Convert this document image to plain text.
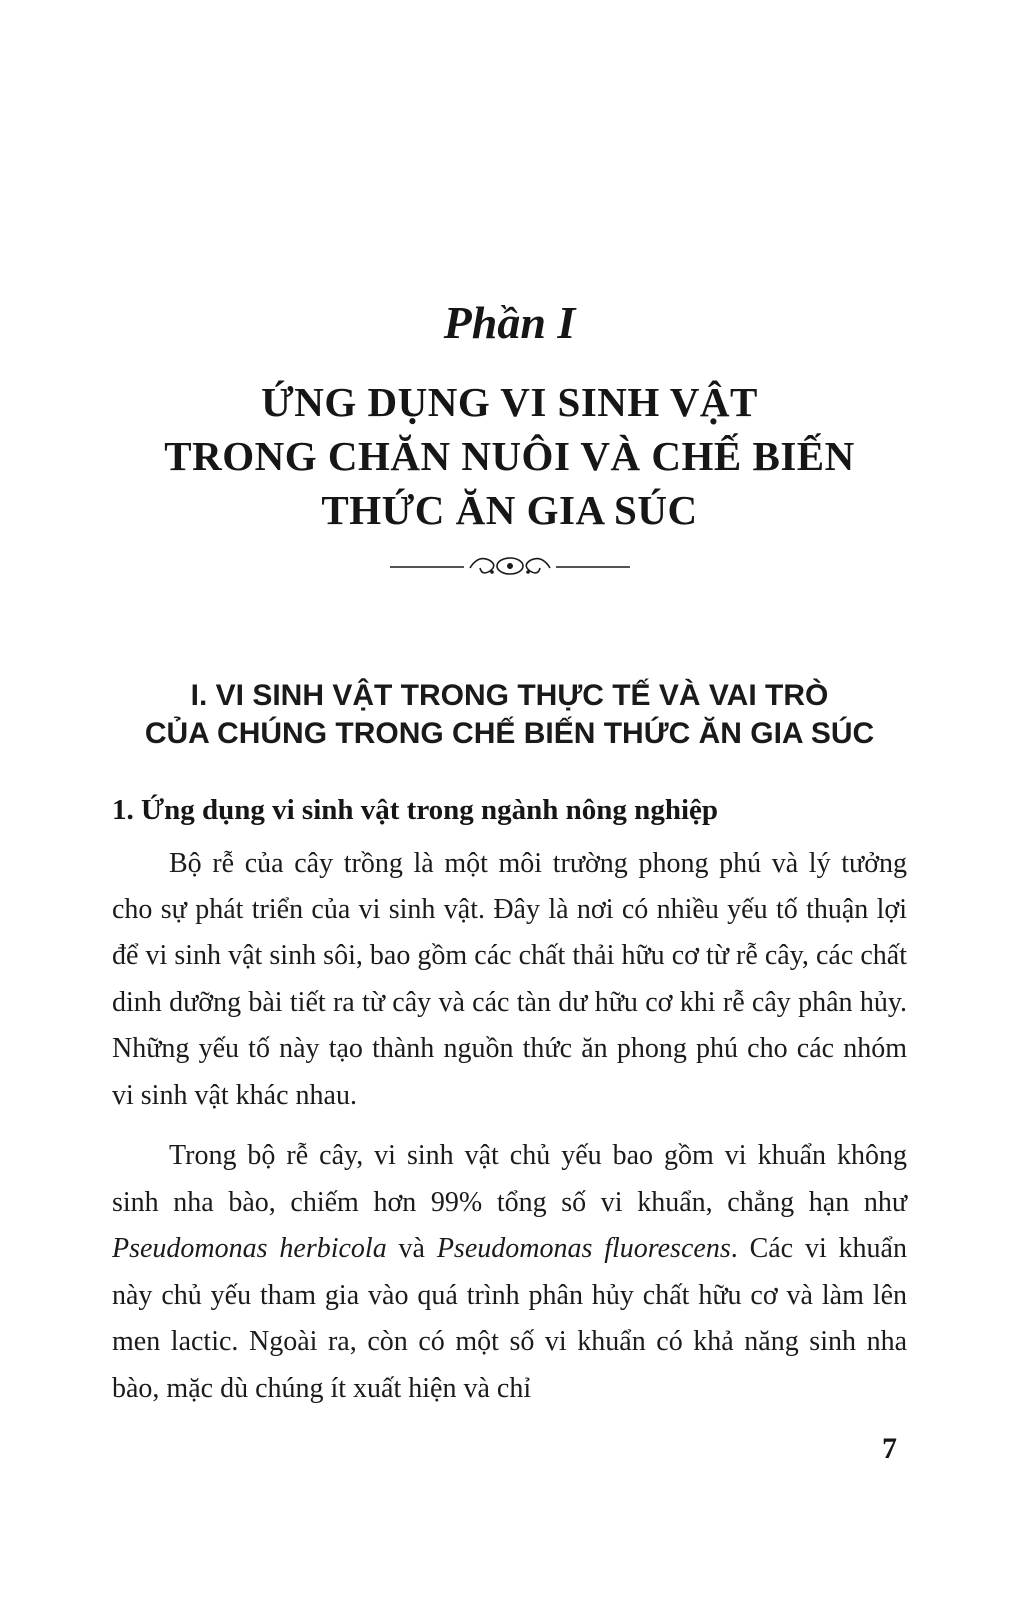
Phần I
ỨNG DỤNG VI SINH VẬT
TRONG CHĂN NUÔI VÀ CHẾ BIẾN
THỨC ĂN GIA SÚC
I. VI SINH VẬT TRONG THỰC TẾ VÀ VAI TRÒ
CỦA CHÚNG TRONG CHẾ BIẾN THỨC ĂN GIA SÚC
1. Ứng dụng vi sinh vật trong ngành nông nghiệp

Bộ rễ của cây trồng là một môi trường phong phú và lý tưởng cho sự phát triển của vi sinh vật. Đây là nơi có nhiều yếu tố thuận lợi để vi sinh vật sinh sôi, bao gồm các chất thải hữu cơ từ rễ cây, các chất dinh dưỡng bài tiết ra từ cây và các tàn dư hữu cơ khi rễ cây phân hủy. Những yếu tố này tạo thành nguồn thức ăn phong phú cho các nhóm vi sinh vật khác nhau.

Trong bộ rễ cây, vi sinh vật chủ yếu bao gồm vi khuẩn không sinh nha bào, chiếm hơn 99% tổng số vi khuẩn, chẳng hạn như Pseudomonas herbicola và Pseudomonas fluorescens. Các vi khuẩn này chủ yếu tham gia vào quá trình phân hủy chất hữu cơ và làm lên men lactic. Ngoài ra, còn có một số vi khuẩn có khả năng sinh nha bào, mặc dù chúng ít xuất hiện và chỉ

7
